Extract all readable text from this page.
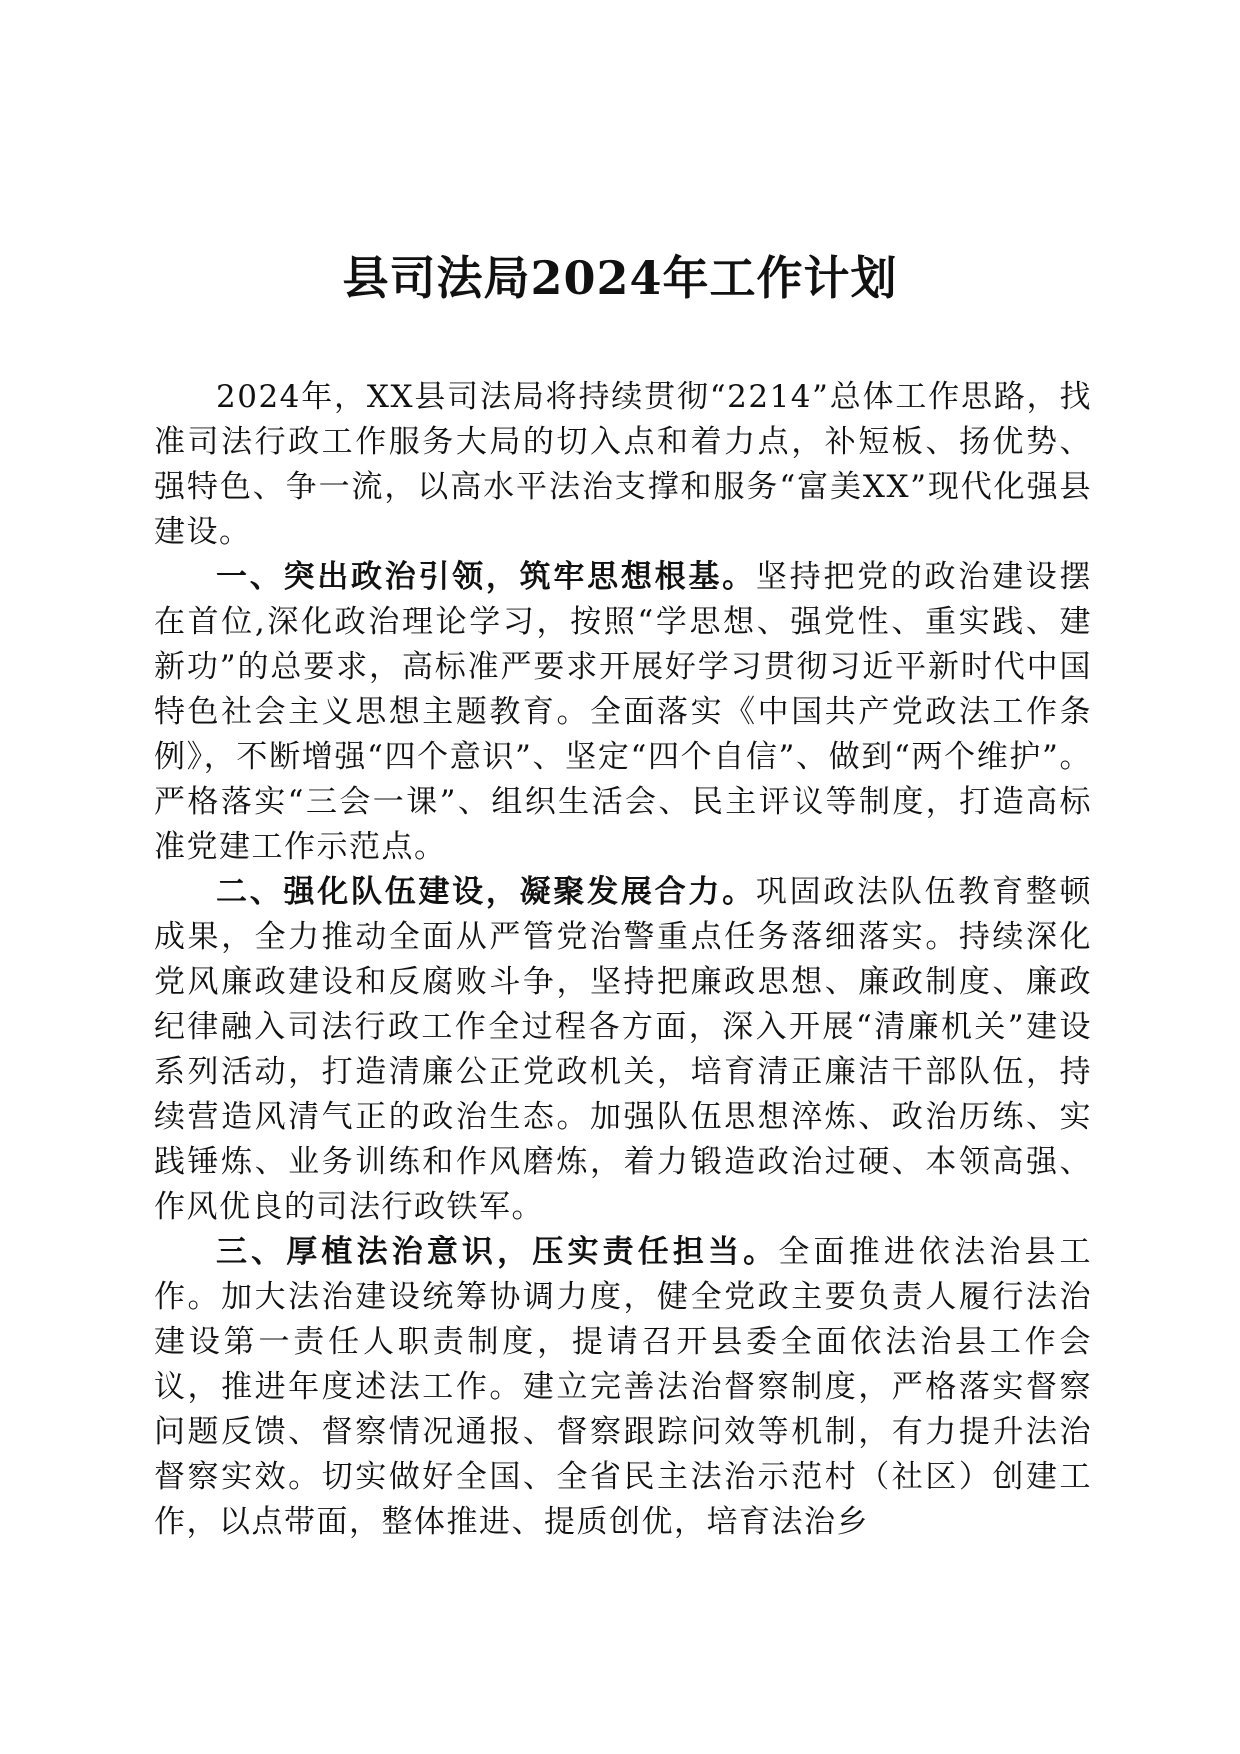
县司法局2024年工作计划

2024年，XX县司法局将持续贯彻“2214”总体工作思路，找准司法行政工作服务大局的切入点和着力点，补短板、扬优势、强特色、争一流，以高水平法治支撑和服务“富美XX”现代化强县建设。

一、突出政治引领，筑牢思想根基。坚持把党的政治建设摆在首位,深化政治理论学习，按照“学思想、强党性、重实践、建新功”的总要求，高标准严要求开展好学习贯彻习近平新时代中国特色社会主义思想主题教育。全面落实《中国共产党政法工作条例》，不断增强“四个意识”、坚定“四个自信”、做到“两个维护”。严格落实“三会一课”、组织生活会、民主评议等制度，打造高标准党建工作示范点。

二、强化队伍建设，凝聚发展合力。巩固政法队伍教育整顿成果，全力推动全面从严管党治警重点任务落细落实。持续深化党风廉政建设和反腐败斗争，坚持把廉政思想、廉政制度、廉政纪律融入司法行政工作全过程各方面，深入开展“清廉机关”建设系列活动，打造清廉公正党政机关，培育清正廉洁干部队伍，持续营造风清气正的政治生态。加强队伍思想淬炼、政治历练、实践锤炼、业务训练和作风磨炼，着力锻造政治过硬、本领高强、作风优良的司法行政铁军。

三、厚植法治意识，压实责任担当。全面推进依法治县工作。加大法治建设统筹协调力度，健全党政主要负责人履行法治建设第一责任人职责制度，提请召开县委全面依法治县工作会议，推进年度述法工作。建立完善法治督察制度，严格落实督察问题反馈、督察情况通报、督察跟踪问效等机制，有力提升法治督察实效。切实做好全国、全省民主法治示范村（社区）创建工作，以点带面，整体推进、提质创优，培育法治乡
